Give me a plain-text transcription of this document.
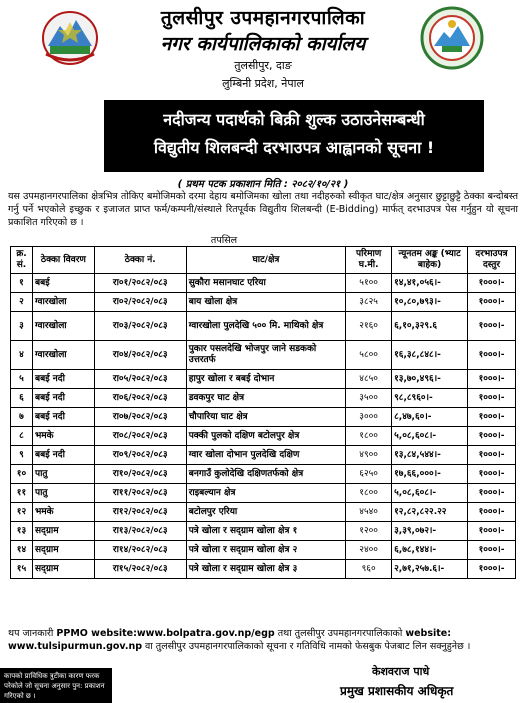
तुलसीपुर उपमहानगरपालिका
नगर कार्यपालिकाको कार्यालय
तुलसीपुर, दाङ
लुम्बिनी प्रदेश, नेपाल
नदीजन्य पदार्थको बिक्री शुल्क उठाउनेसम्बन्धी
विद्युतीय शिलबन्दी दरभाउपत्र आह्वानको सूचना !
( प्रथम पटक प्रकाशान मिति : २०८२/१०/२१ )
यस उपमहानगरपालिका क्षेत्रभित्र तोकिए बमोजिमको दरमा देहाय बमोजिमका खोला तथा नदीहरुको स्वीकृत घाट/क्षेत्र अनुसार छुट्टाछुट्टै ठेक्का बन्दोबस्त गर्नु पर्ने भएकोले इच्छुक र इजाजत प्राप्त फर्म/कम्पनी/संस्थाले रितपूर्वक विद्युतीय शिलबन्दी (E-Bidding) मार्फत् दरभाउपत्र पेस गर्नुहुन यो सूचना प्रकाशित गरिएको छ ।
तपसिल
क्र. सं.	ठेक्का विवरण	ठेक्का नं.	घाट/क्षेत्र	परिमाण घ.मी.	न्यूनतम अङ्क (भ्याट बाहेक)	दरभाउपत्र दस्तुर
१	बबई	रा०१/२०८२/०८३	सुकौरा मसानघाट एरिया	५१००	१४,४१,०५६।-	१०००।-
२	ग्वारखोला	रा०२/२०८२/०८३	बाय खोला क्षेत्र	३८२५	१०,८०,७९३।-	१०००।-
३	ग्वारखोला	रा०३/२०८२/०८३	ग्वारखोला पुलदेखि ५०० मि. माथिको क्षेत्र	२१६०	६,१०,३२९.६	१०००।-
४	ग्वारखोला	रा०४/२०८२/०८३	पुकार पसलदेखि भोजपुर जाने सडकको उत्तरतर्फ	५८००	१६,३८,८४८।-	१०००।-
५	बबई नदी	रा०५/२०८२/०८३	हापुर खोला र बबई दोभान	४८५०	१३,७०,४९६।-	१०००।-
६	बबई नदी	रा०६/२०८२/०८३	डवकपुर घाट क्षेत्र	३५००	९८,८९६०।-	१०००।-
७	बबई नदी	रा०७/२०८२/०८३	चौपारिया घाट क्षेत्र	३०००	८,४७,६०।-	१०००।-
८	भमके	रा०८/२०८२/०८३	पक्की पुलको दक्षिण बटोलपुर क्षेत्र	१८००	५,०८,६०८।-	१०००।-
९	बबई नदी	रा०९/२०८२/०८३	ग्वार खोला दोभान पुलदेखि दक्षिण	४९००	१३,८४,५४४।-	१०००।-
१०	पातु	रा१०/२०८२/०८३	बनगाउँ कुलोदेखि दक्षिणतर्फको क्षेत्र	६२५०	१७,६६,०००।-	१०००।-
११	पातु	रा११/२०८२/०८३	राइबल्यान क्षेत्र	१८००	५,०८,६०८।-	१०००।-
१२	भमके	रा१२/२०८२/०८३	बटोलपुर एरिया	४५४०	१२,८२,८२२.२२	१०००।-
१३	सद्ग्राम	रा१३/२०८२/०८३	पत्रे खोला र सद्ग्राम खोला क्षेत्र १	१२००	३,३९,०७२।-	१०००।-
१४	सद्ग्राम	रा१४/२०८२/०८३	पत्रे खोला र सद्ग्राम खोला क्षेत्र २	२४००	६,७८,१४४।-	१०००।-
१५	सद्ग्राम	रा१५/२०८२/०८३	पत्रे खोला र सद्ग्राम खोला क्षेत्र ३	९६०	२,७१,२५७.६।-	१०००।-
थप जानकारी PPMO website:www.bolpatra.gov.np/egp तथा तुलसीपुर उपमहानगरपालिकाको website: www.tulsipurmun.gov.np वा तुलसीपुर उपमहानगरपालिकाको सूचना र गतिविधि नामको फेसबुक पेजबाट लिन सक्नुहुनेछ ।
कापको प्राविधिक त्रुटीका कारण फरक परेकोले जो सूचना अनुसार पुन: प्रकाशन गरिएको छ ।
केशवराज पाधे
प्रमुख प्रशासकीय अधिकृत
